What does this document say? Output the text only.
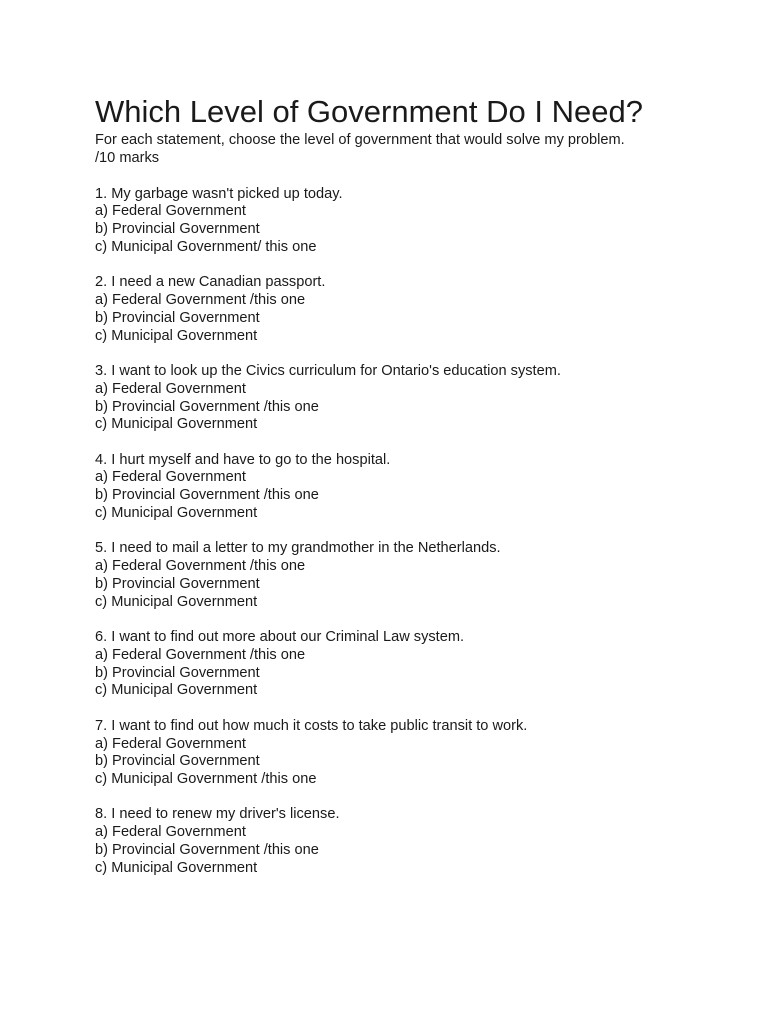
Which Level of Government Do I Need?
For each statement, choose the level of government that would solve my problem.
/10 marks
1. My garbage wasn't picked up today.
a) Federal Government
b) Provincial Government
c) Municipal Government/ this one
2. I need a new Canadian passport.
a) Federal Government /this one
b) Provincial Government
c) Municipal Government
3. I want to look up the Civics curriculum for Ontario's education system.
a) Federal Government
b) Provincial Government /this one
c) Municipal Government
4. I hurt myself and have to go to the hospital.
a) Federal Government
b) Provincial Government /this one
c) Municipal Government
5. I need to mail a letter to my grandmother in the Netherlands.
a) Federal Government /this one
b) Provincial Government
c) Municipal Government
6. I want to find out more about our Criminal Law system.
a) Federal Government /this one
b) Provincial Government
c) Municipal Government
7. I want to find out how much it costs to take public transit to work.
a) Federal Government
b) Provincial Government
c) Municipal Government /this one
8. I need to renew my driver's license.
a) Federal Government
b) Provincial Government /this one
c) Municipal Government
